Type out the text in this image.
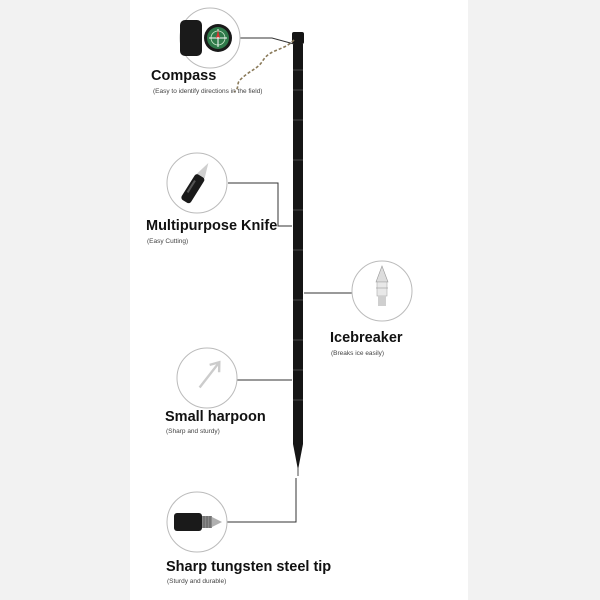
Compass

(Easy to identify directions in the field)

Multipurpose Knife

(Easy Cutting)

Icebreaker

(Breaks ice easily)

Small harpoon

(Sharp and sturdy)

Sharp tungsten steel tip

(Sturdy and durable)
